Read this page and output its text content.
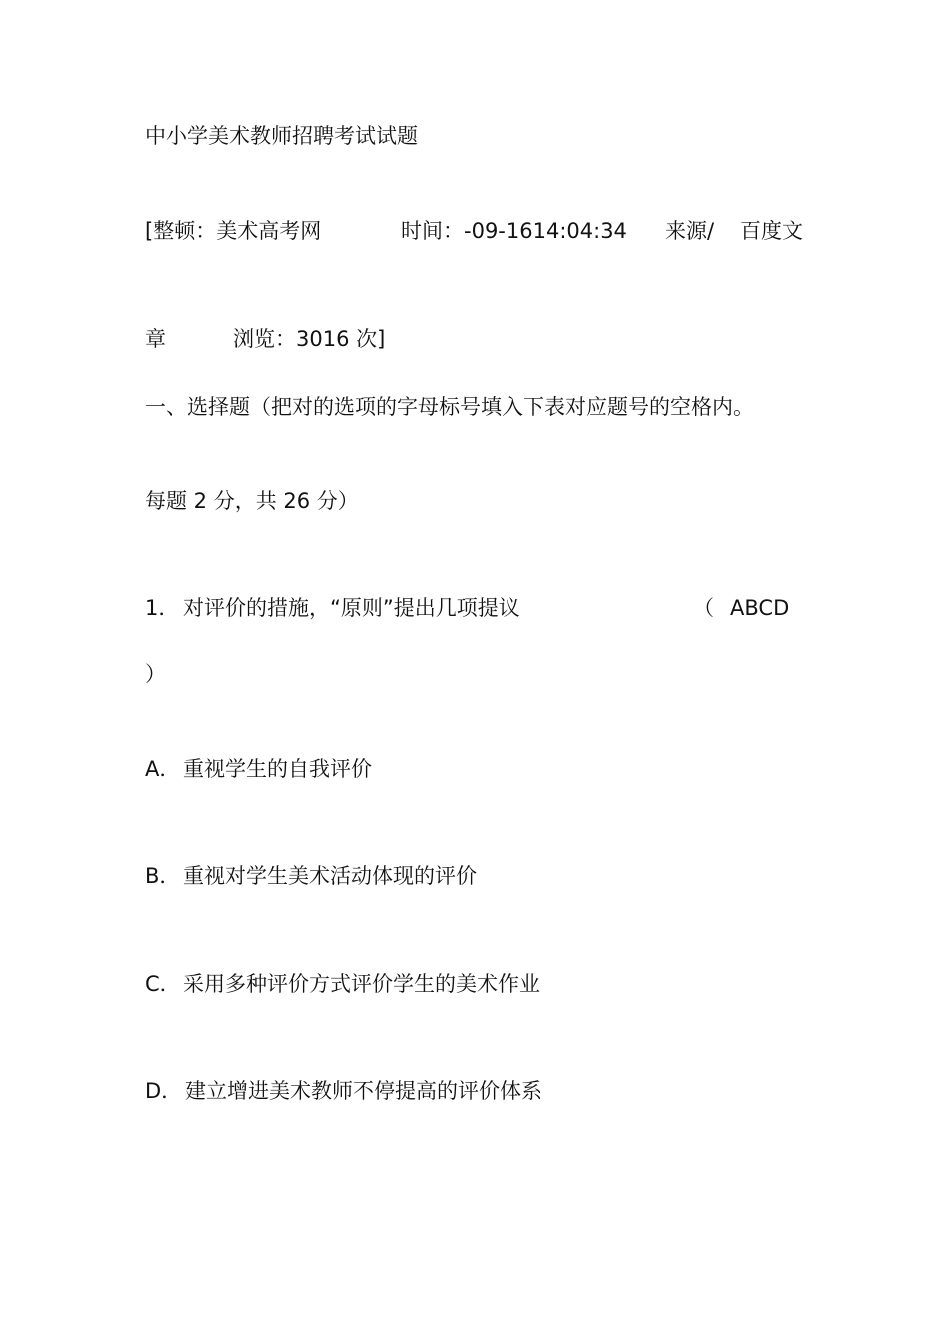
中小学美术教师招聘考试试题
[整顿：美术高考网	时间：-09-1614:04:34 来源/ 百度文
章	浏览：3016 次]
一、选择题（把对的选项的字母标号填入下表对应题号的空格内。
每题 2 分，共 26 分）
1． 对评价的措施，“原则”提出几项提议	（ ABCD
）
A． 重视学生的自我评价
B． 重视对学生美术活动体现的评价
C． 采用多种评价方式评价学生的美术作业
D． 建立增进美术教师不停提高的评价体系
